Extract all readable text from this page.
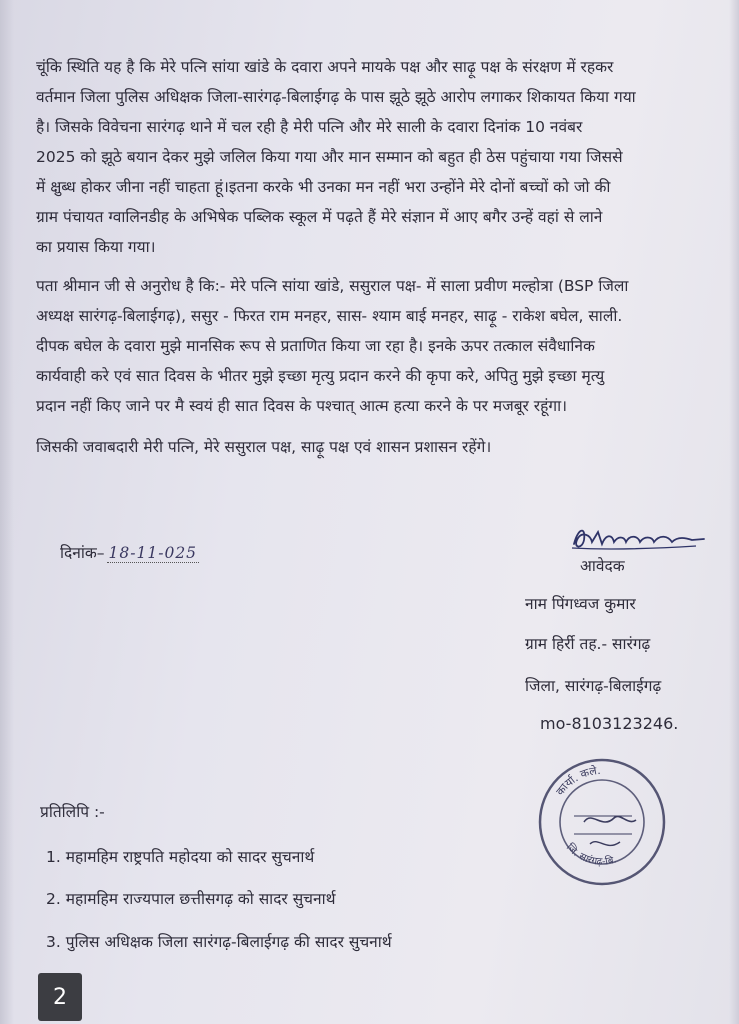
चूंकि स्थिति यह है कि मेरे पत्नि सांया खांडे के दवारा अपने मायके पक्ष और साढ़ू पक्ष के संरक्षण में रहकर
वर्तमान जिला पुलिस अधिक्षक जिला-सारंगढ़-बिलाईगढ़ के पास झूठे झूठे आरोप लगाकर शिकायत किया गया
है। जिसके विवेचना सारंगढ़ थाने में चल रही है मेरी पत्नि और मेरे साली के दवारा दिनांक 10 नवंबर
2025 को झूठे बयान देकर मुझे जलिल किया गया और मान सम्मान को बहुत ही ठेस पहुंचाया गया जिससे
में क्षुब्ध होकर जीना नहीं चाहता हूं।इतना करके भी उनका मन नहीं भरा उन्होंने मेरे दोनों बच्चों को जो की
ग्राम पंचायत ग्वालिनडीह के अभिषेक पब्लिक स्कूल में पढ़ते हैं मेरे संज्ञान में आए बगैर उन्हें वहां से लाने
का प्रयास किया गया।
पता श्रीमान जी से अनुरोध है कि:- मेरे पत्नि सांया खांडे, ससुराल पक्ष- में साला प्रवीण मल्होत्रा (BSP जिला
अध्यक्ष सारंगढ़-बिलाईगढ़), ससुर - फिरत राम मनहर, सास- श्याम बाई मनहर, साढ़ू - राकेश बघेल, साली.
दीपक बघेल के दवारा मुझे मानसिक रूप से प्रताणित किया जा रहा है। इनके ऊपर तत्काल संवैधानिक
कार्यवाही करे एवं सात दिवस के भीतर मुझे इच्छा मृत्यु प्रदान करने की कृपा करे, अपितु मुझे इच्छा मृत्यु
प्रदान नहीं किए जाने पर मै स्वयं ही सात दिवस के पश्चात् आत्म हत्या करने के पर मजबूर रहूंगा।
जिसकी जवाबदारी मेरी पत्नि, मेरे ससुराल पक्ष, साढ़ू पक्ष एवं शासन प्रशासन रहेंगे।
दिनांक– 18-11-025
आवेदक
नाम पिंगध्वज कुमार
ग्राम हिर्री तह.- सारंगढ़
जिला, सारंगढ़-बिलाईगढ़
mo-8103123246.
कार्या. कले.
जि. सारंगढ़-बि.
प्रतिलिपि :-
1. महामहिम राष्ट्रपति महोदया को सादर सुचनार्थ
2. महामहिम राज्यपाल छत्तीसगढ़ को सादर सुचनार्थ
3. पुलिस अधिक्षक जिला सारंगढ़-बिलाईगढ़ की सादर सुचनार्थ
2
